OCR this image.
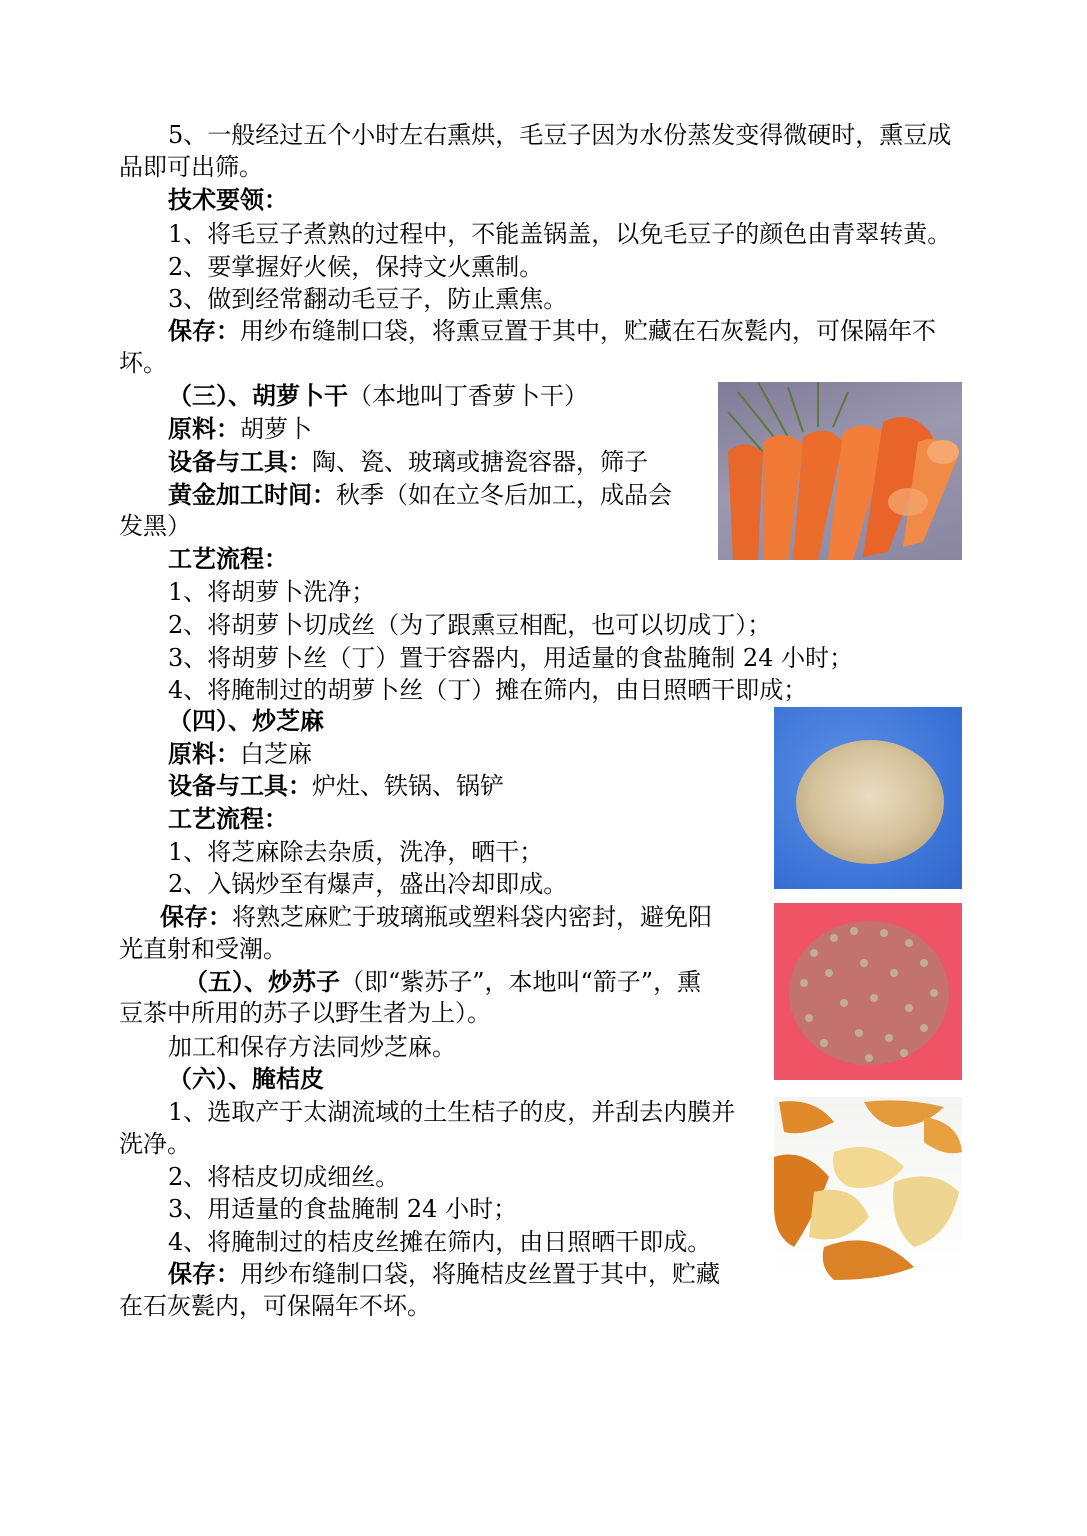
5、一般经过五个小时左右熏烘，毛豆子因为水份蒸发变得微硬时，熏豆成
品即可出筛。
技术要领：
1、将毛豆子煮熟的过程中，不能盖锅盖，以免毛豆子的颜色由青翠转黄。
2、要掌握好火候，保持文火熏制。
3、做到经常翻动毛豆子，防止熏焦。
保存：用纱布缝制口袋，将熏豆置于其中，贮藏在石灰甏内，可保隔年不
坏。
（三）、胡萝卜干（本地叫丁香萝卜干）
原料：胡萝卜
设备与工具：陶、瓷、玻璃或搪瓷容器，筛子
黄金加工时间：秋季（如在立冬后加工，成品会
发黑）
工艺流程：
1、将胡萝卜洗净；
2、将胡萝卜切成丝（为了跟熏豆相配，也可以切成丁）；
3、将胡萝卜丝（丁）置于容器内，用适量的食盐腌制 24 小时；
4、将腌制过的胡萝卜丝（丁）摊在筛内，由日照晒干即成；
（四）、炒芝麻
原料：白芝麻
设备与工具：炉灶、铁锅、锅铲
工艺流程：
1、将芝麻除去杂质，洗净，晒干；
2、入锅炒至有爆声，盛出冷却即成。
保存：将熟芝麻贮于玻璃瓶或塑料袋内密封，避免阳
光直射和受潮。
（五）、炒苏子（即“紫苏子”，本地叫“箭子”，熏
豆茶中所用的苏子以野生者为上）。
加工和保存方法同炒芝麻。
（六）、腌桔皮
1、选取产于太湖流域的土生桔子的皮，并刮去内膜并
洗净。
2、将桔皮切成细丝。
3、用适量的食盐腌制 24 小时；
4、将腌制过的桔皮丝摊在筛内，由日照晒干即成。
保存：用纱布缝制口袋，将腌桔皮丝置于其中，贮藏
在石灰甏内，可保隔年不坏。
